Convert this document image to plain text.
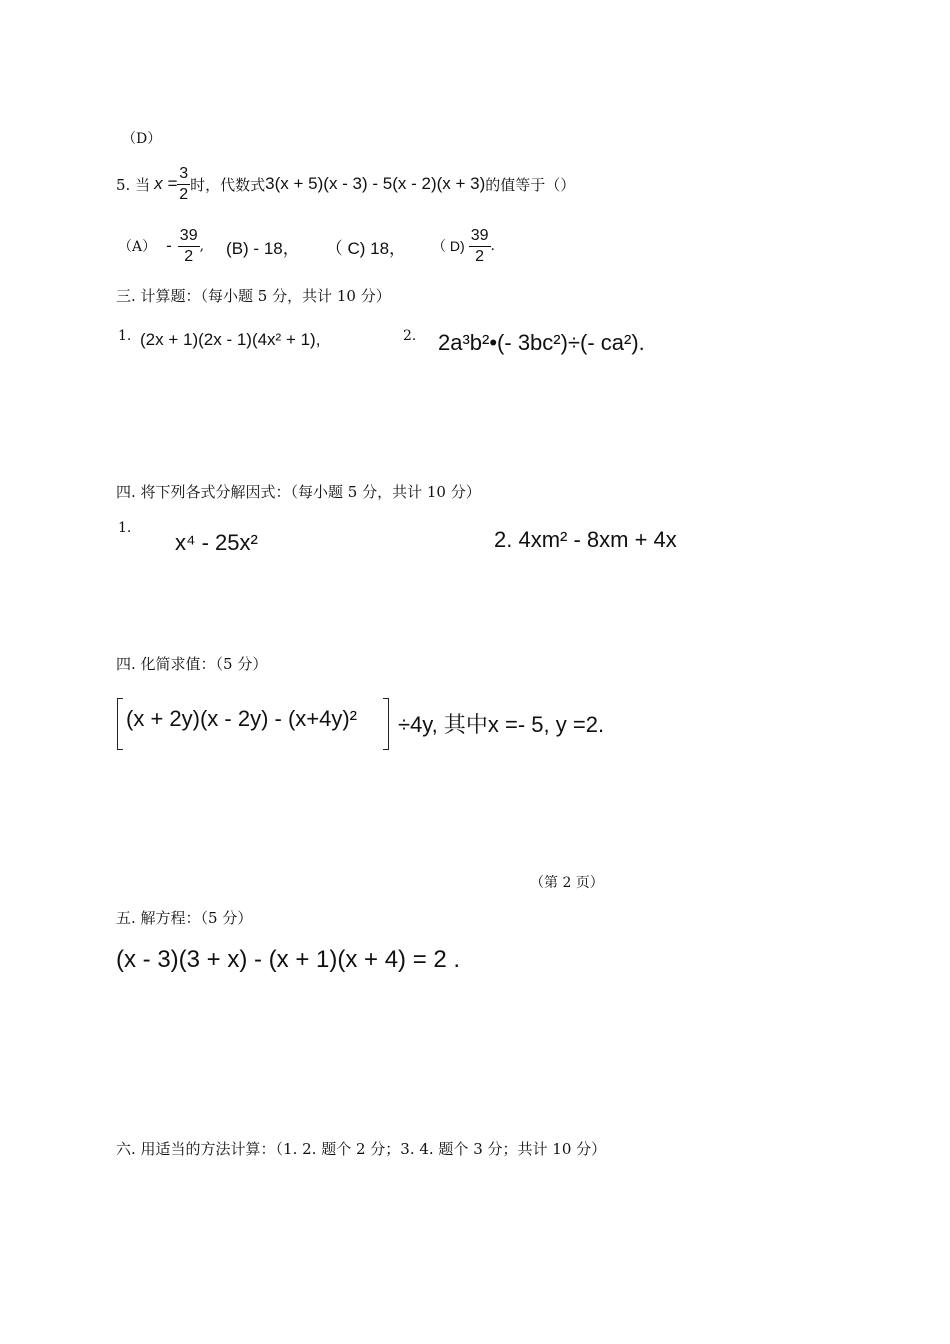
（D）
5. 当 $x = \frac{3}{2}$ 时，代数式 3(x + 5)(x - 3) - 5(x - 2)(x + 3) 的值等于（）
$(A) - \frac{39}{2}$ , (B) - 18， （ C) 18， （ $D) \frac{39}{2}$ .
三. 计算题：（每小题 5 分，共计 10 分）
1. (2x + 1)(2x - 1)(4x² + 1),	2. 2a³b²•(- 3bc²)÷(- ca²).
四. 将下列各式分解因式：（每小题 5 分，共计 10 分）
1.
x⁴ - 25x²	2. 4xm² - 8xm + 4x
四. 化简求值：（5 分）
(x + 2y)(x - 2y) - (x+4y)² ÷4y, 其中x =- 5, y =2.
（第 2 页）
五. 解方程：（5 分）
(x - 3)(3 + x) - (x + 1)(x + 4) = 2 .
六. 用适当的方法计算：（1. 2. 题个 2 分；3. 4. 题个 3 分；共计 10 分）
